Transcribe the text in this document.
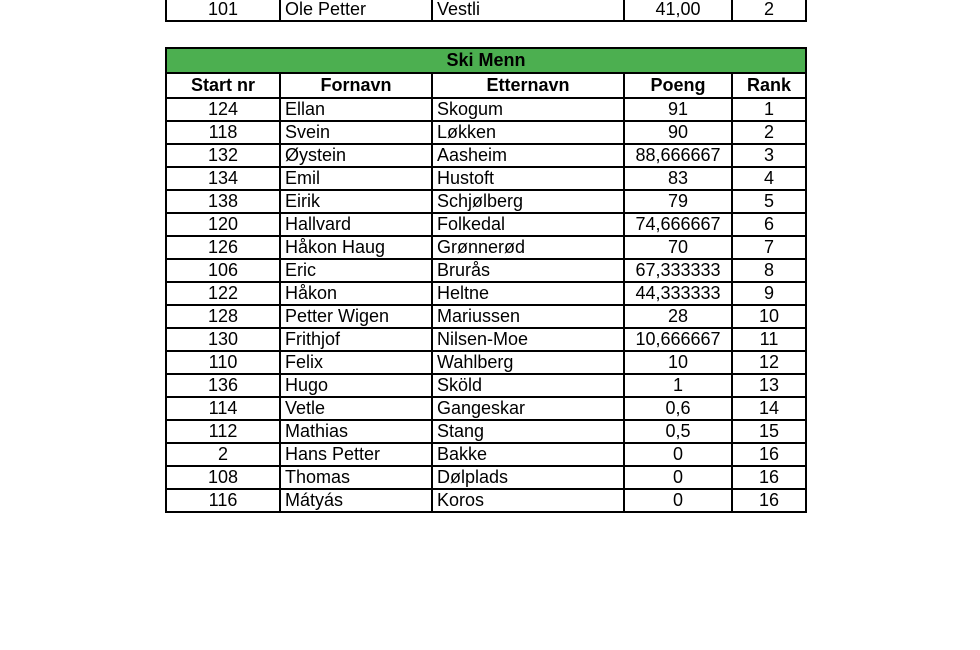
101	Ole Petter	Vestli	41,00	2
Ski Menn				
Start nr	Fornavn	Etternavn	Poeng	Rank
124	Ellan	Skogum	91	1
118	Svein	Løkken	90	2
132	Øystein	Aasheim	88,666667	3
134	Emil	Hustoft	83	4
138	Eirik	Schjølberg	79	5
120	Hallvard	Folkedal	74,666667	6
126	Håkon Haug	Grønnerød	70	7
106	Eric	Brurås	67,333333	8
122	Håkon	Heltne	44,333333	9
128	Petter Wigen	Mariussen	28	10
130	Frithjof	Nilsen-Moe	10,666667	11
110	Felix	Wahlberg	10	12
136	Hugo	Sköld	1	13
114	Vetle	Gangeskar	0,6	14
112	Mathias	Stang	0,5	15
2	Hans Petter	Bakke	0	16
108	Thomas	Dølplads	0	16
116	Mátyás	Koros	0	16
